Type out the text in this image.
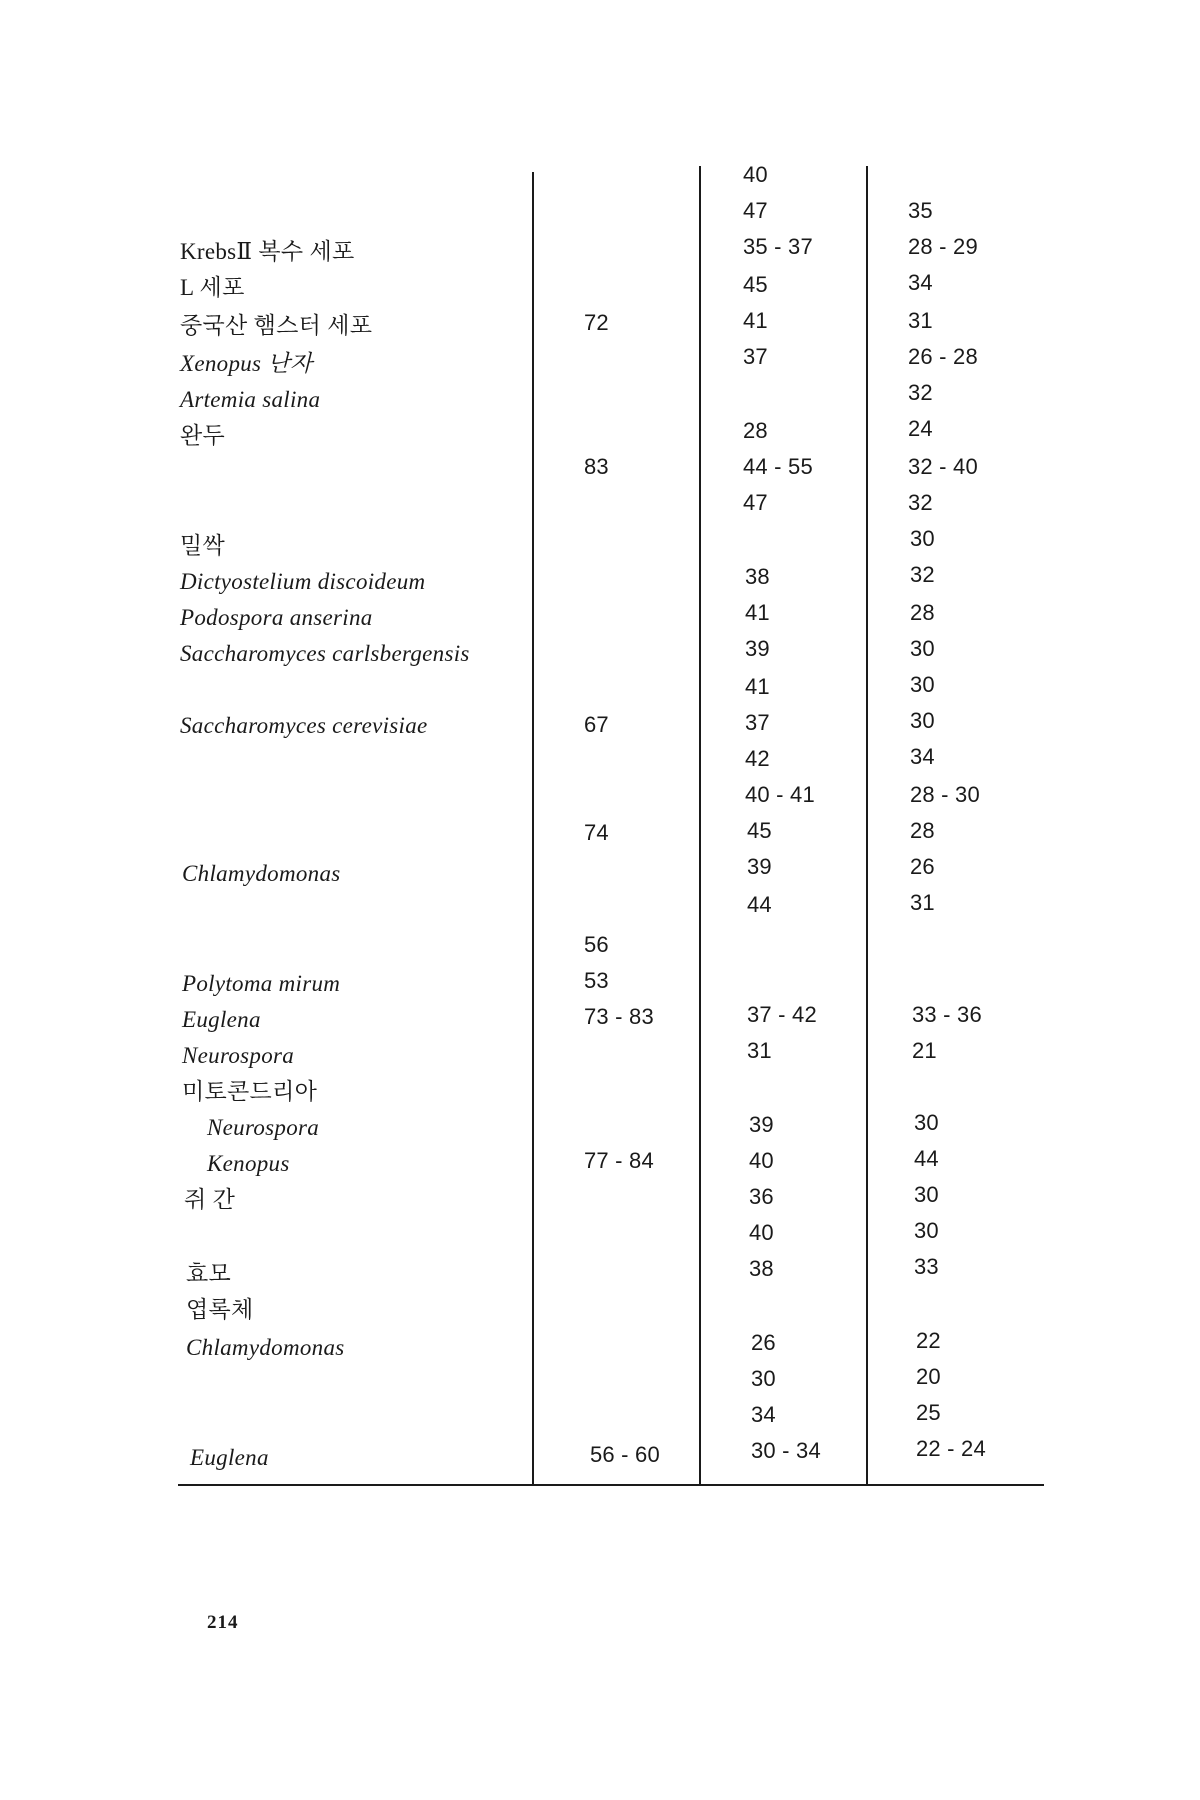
KrebsⅡ 복수 세포
L 세포
중국산 햄스터 세포
Xenopus 난자
Artemia salina
완두
밀싹
Dictyostelium discoideum
Podospora anserina
Saccharomyces carlsbergensis
Saccharomyces cerevisiae
Chlamydomonas
Polytoma mirum
Euglena
Neurospora
미토콘드리아
Neurospora
Kenopus
쥐 간
효모
엽록체
Chlamydomonas
Euglena
72
83
67
74
56
53
73 - 83
77 - 84
56 - 60
40
47
35 - 37
45
41
37
28
44 - 55
47
38
41
39
41
37
42
40 - 41
45
39
44
37 - 42
31
39
40
36
40
38
26
30
34
30 - 34
35
28 - 29
34
31
26 - 28
32
24
32 - 40
32
30
32
28
30
30
30
34
28 - 30
28
26
31
33 - 36
21
30
44
30
30
33
22
20
25
22 - 24
214
